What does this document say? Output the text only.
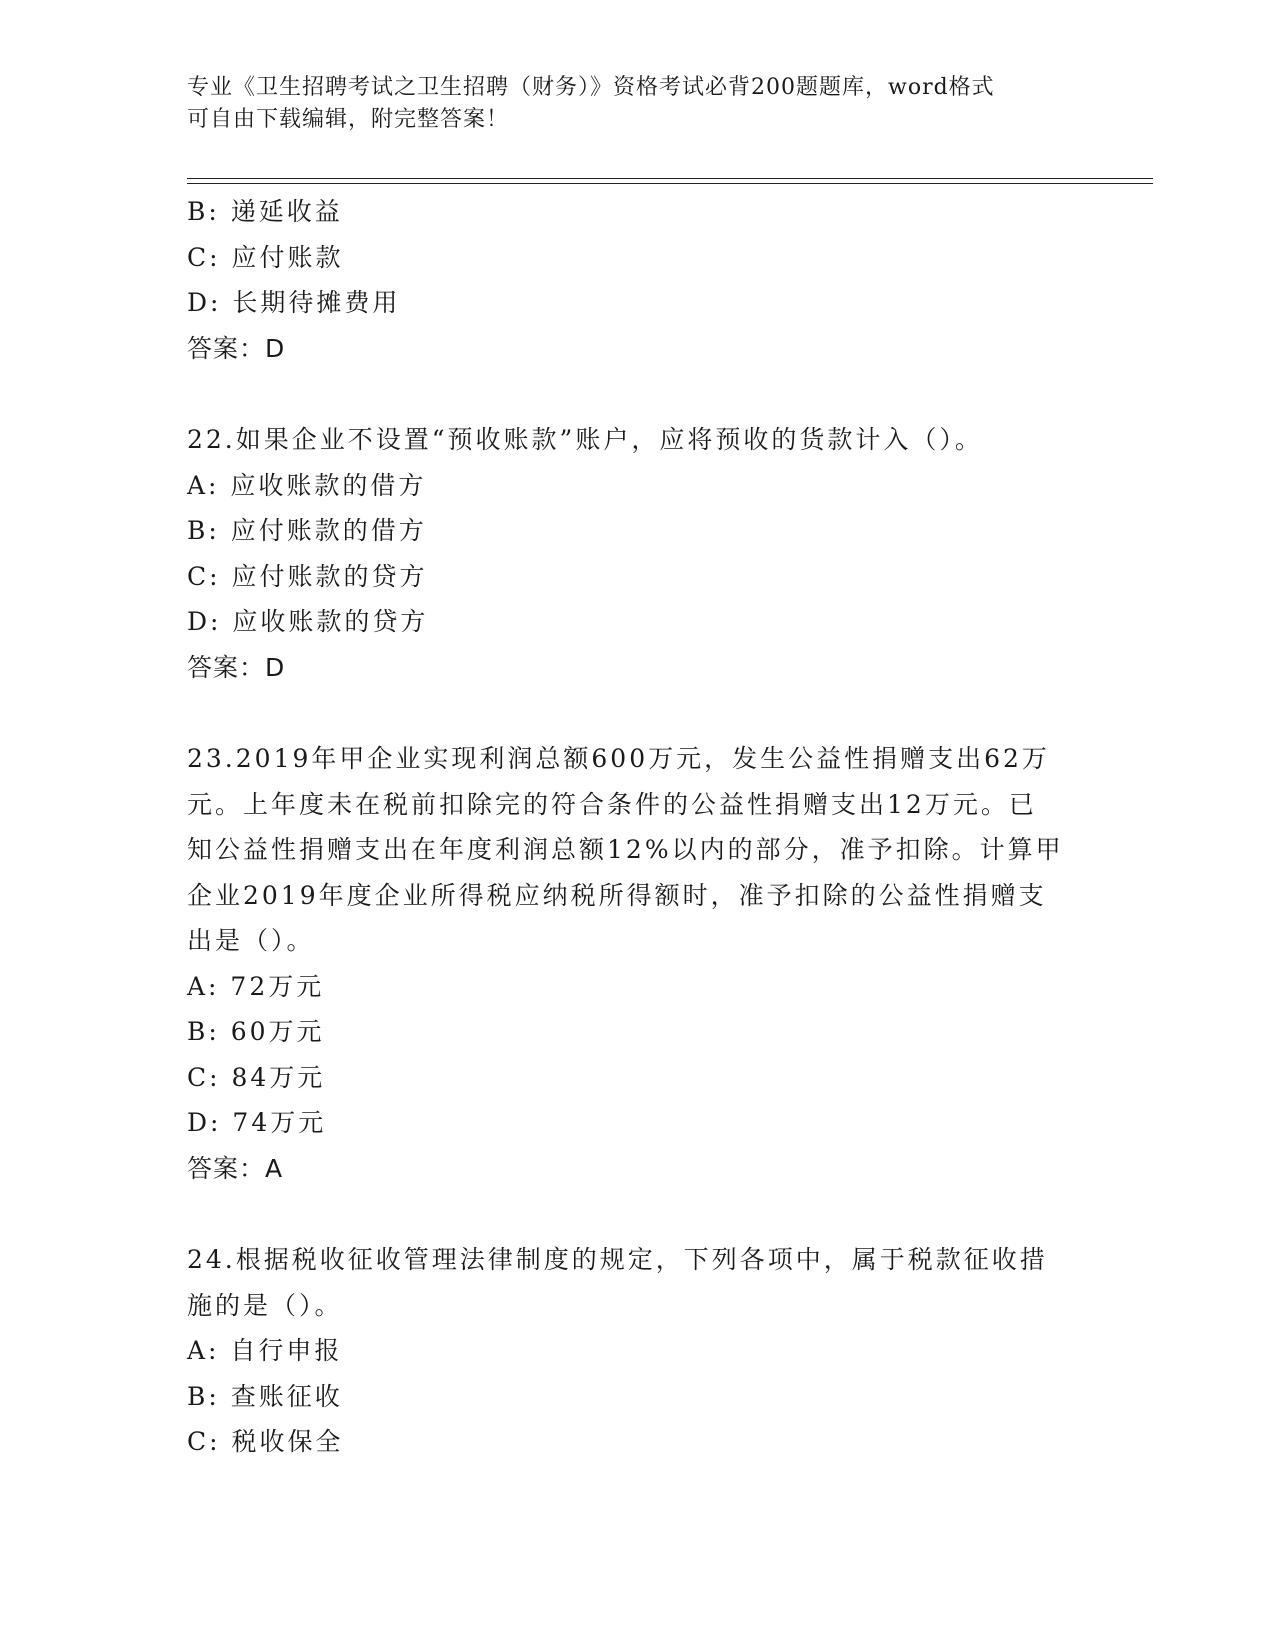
专业《卫生招聘考试之卫生招聘（财务）》资格考试必背200题题库，word格式
可自由下载编辑，附完整答案！
B: 递延收益
C: 应付账款
D: 长期待摊费用
答案：D
22.如果企业不设置“预收账款”账户，应将预收的货款计入（）。
A: 应收账款的借方
B: 应付账款的借方
C: 应付账款的贷方
D: 应收账款的贷方
答案：D
23.2019年甲企业实现利润总额600万元，发生公益性捐赠支出62万
元。上年度未在税前扣除完的符合条件的公益性捐赠支出12万元。已
知公益性捐赠支出在年度利润总额12%以内的部分，准予扣除。计算甲
企业2019年度企业所得税应纳税所得额时，准予扣除的公益性捐赠支
出是（）。
A: 72万元
B: 60万元
C: 84万元
D: 74万元
答案：A
24.根据税收征收管理法律制度的规定，下列各项中，属于税款征收措
施的是（）。
A: 自行申报
B: 查账征收
C: 税收保全
